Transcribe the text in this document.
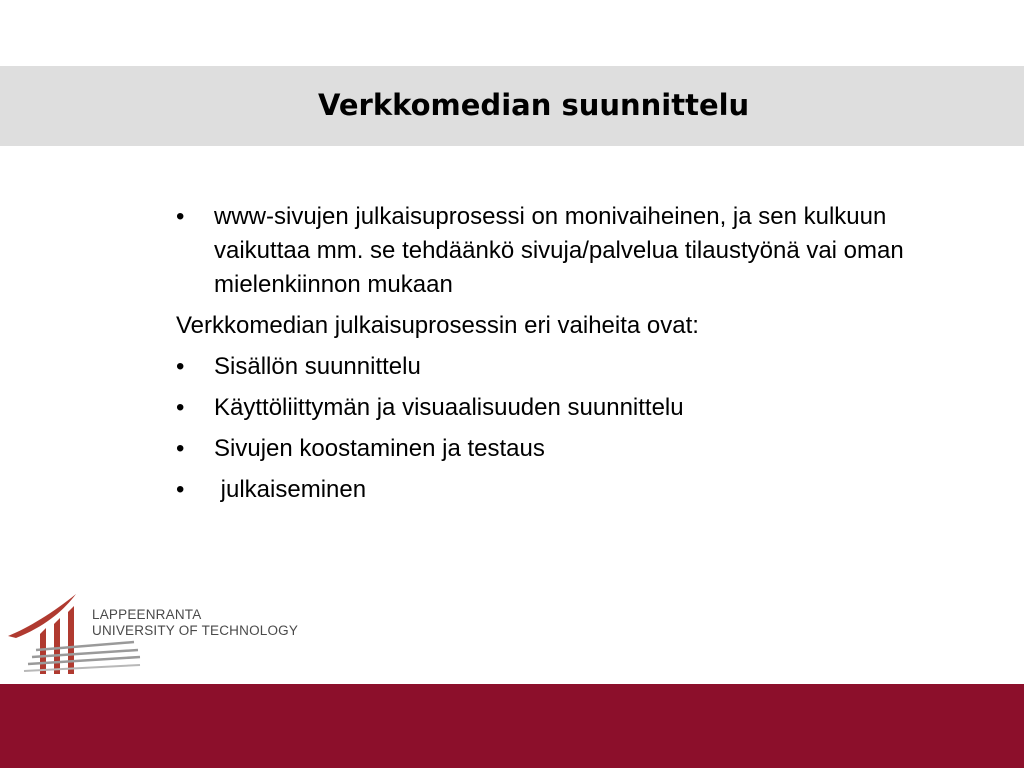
Verkkomedian suunnittelu
•	www-sivujen julkaisuprosessi on monivaiheinen, ja sen kulkuun vaikuttaa mm. se tehdäänkö sivuja/palvelua tilaustyönä vai oman mielenkiinnon mukaan
Verkkomedian julkaisuprosessin eri vaiheita ovat:
•	Sisällön suunnittelu
•	Käyttöliittymän ja visuaalisuuden suunnittelu
•	Sivujen koostaminen ja testaus
•	julkaiseminen
LAPPEENRANTA
UNIVERSITY OF TECHNOLOGY
